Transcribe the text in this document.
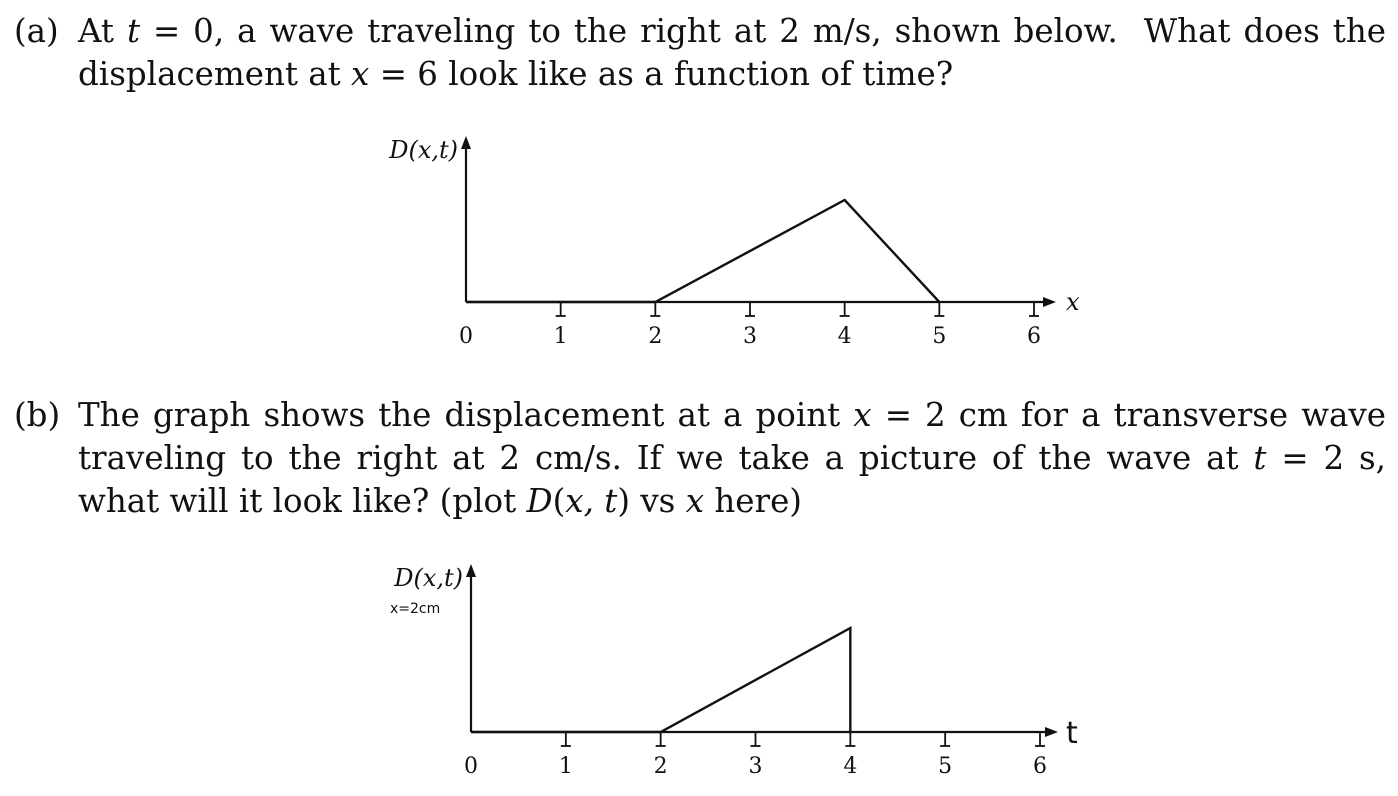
(a) At t = 0, a wave traveling to the right at 2 m/s, shown below.  What does the displacement at x = 6 look like as a function of time?
(b) The graph shows the displacement at a point x = 2 cm for a transverse wave traveling to the right at 2 cm/s. If we take a picture of the wave at t = 2 s, what will it look like? (plot D(x, t) vs x here)
0	1	2	3	4	5	6
D(x,t)
x
0	1	2	3	4	5	6
D(x,t)
x=2cm
t
